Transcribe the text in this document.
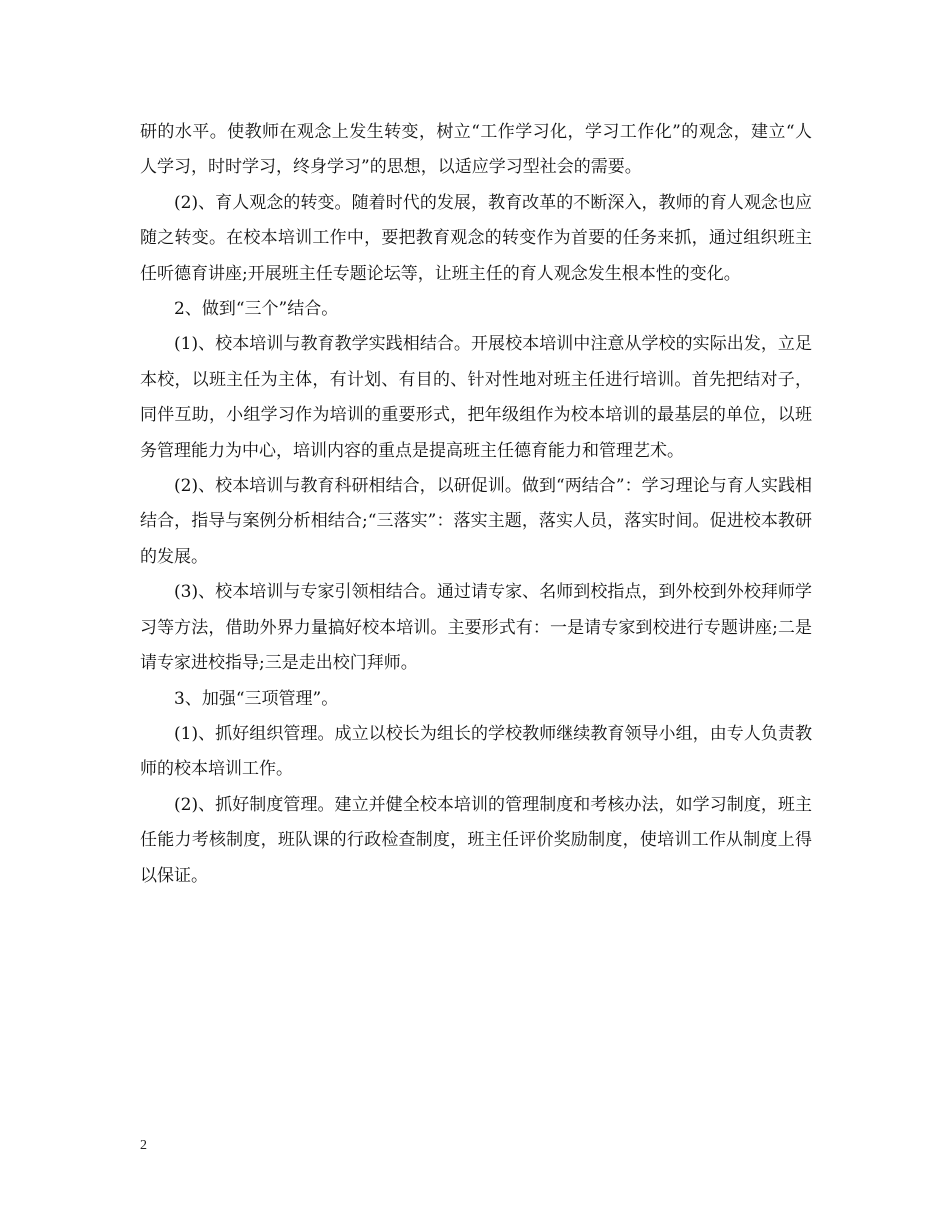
研的水平。使教师在观念上发生转变，树立“工作学习化，学习工作化”的观念，建立“人人学习，时时学习，终身学习”的思想，以适应学习型社会的需要。

(2)、育人观念的转变。随着时代的发展，教育改革的不断深入，教师的育人观念也应随之转变。在校本培训工作中，要把教育观念的转变作为首要的任务来抓，通过组织班主任听德育讲座;开展班主任专题论坛等，让班主任的育人观念发生根本性的变化。

2、做到“三个”结合。

(1)、校本培训与教育教学实践相结合。开展校本培训中注意从学校的实际出发，立足本校，以班主任为主体，有计划、有目的、针对性地对班主任进行培训。首先把结对子，同伴互助，小组学习作为培训的重要形式，把年级组作为校本培训的最基层的单位，以班务管理能力为中心，培训内容的重点是提高班主任德育能力和管理艺术。

(2)、校本培训与教育科研相结合，以研促训。做到“两结合”：学习理论与育人实践相结合，指导与案例分析相结合;“三落实”：落实主题，落实人员，落实时间。促进校本教研的发展。

(3)、校本培训与专家引领相结合。通过请专家、名师到校指点，到外校到外校拜师学习等方法，借助外界力量搞好校本培训。主要形式有：一是请专家到校进行专题讲座;二是请专家进校指导;三是走出校门拜师。

3、加强“三项管理”。

(1)、抓好组织管理。成立以校长为组长的学校教师继续教育领导小组，由专人负责教师的校本培训工作。

(2)、抓好制度管理。建立并健全校本培训的管理制度和考核办法，如学习制度，班主任能力考核制度，班队课的行政检查制度，班主任评价奖励制度，使培训工作从制度上得以保证。

2
